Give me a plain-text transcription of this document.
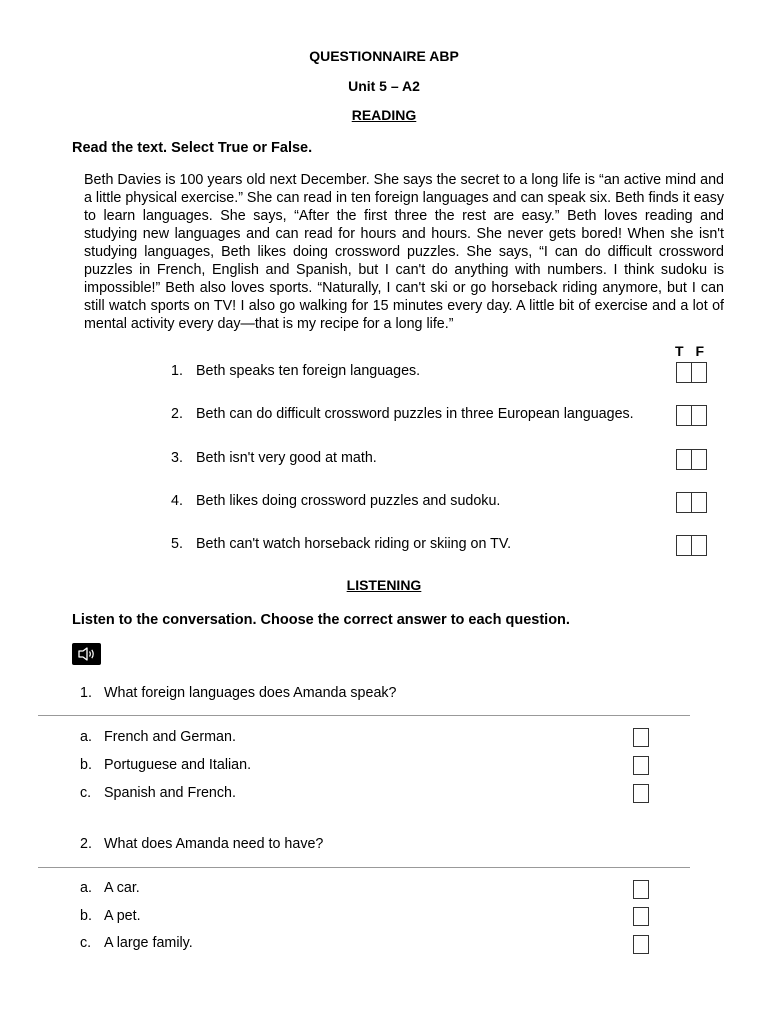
QUESTIONNAIRE ABP
Unit 5 – A2
READING
Read the text. Select True or False.
Beth Davies is 100 years old next December. She says the secret to a long life is “an active mind and a little physical exercise.” She can read in ten foreign languages and can speak six. Beth finds it easy to learn languages. She says, “After the first three the rest are easy.” Beth loves reading and studying new languages and can read for hours and hours. She never gets bored! When she isn't studying languages, Beth likes doing crossword puzzles. She says, “I can do difficult crossword puzzles in French, English and Spanish, but I can't do anything with numbers. I think sudoku is impossible!” Beth also loves sports. “Naturally, I can't ski or go horseback riding anymore, but I can still watch sports on TV! I also go walking for 15 minutes every day. A little bit of exercise and a lot of mental activity every day—that is my recipe for a long life.”
T F
1. Beth speaks ten foreign languages.
2. Beth can do difficult crossword puzzles in three European languages.
3. Beth isn't very good at math.
4. Beth likes doing crossword puzzles and sudoku.
5. Beth can't watch horseback riding or skiing on TV.
LISTENING
Listen to the conversation. Choose the correct answer to each question.
1. What foreign languages does Amanda speak?
a. French and German.
b. Portuguese and Italian.
c. Spanish and French.
2. What does Amanda need to have?
a. A car.
b. A pet.
c. A large family.
